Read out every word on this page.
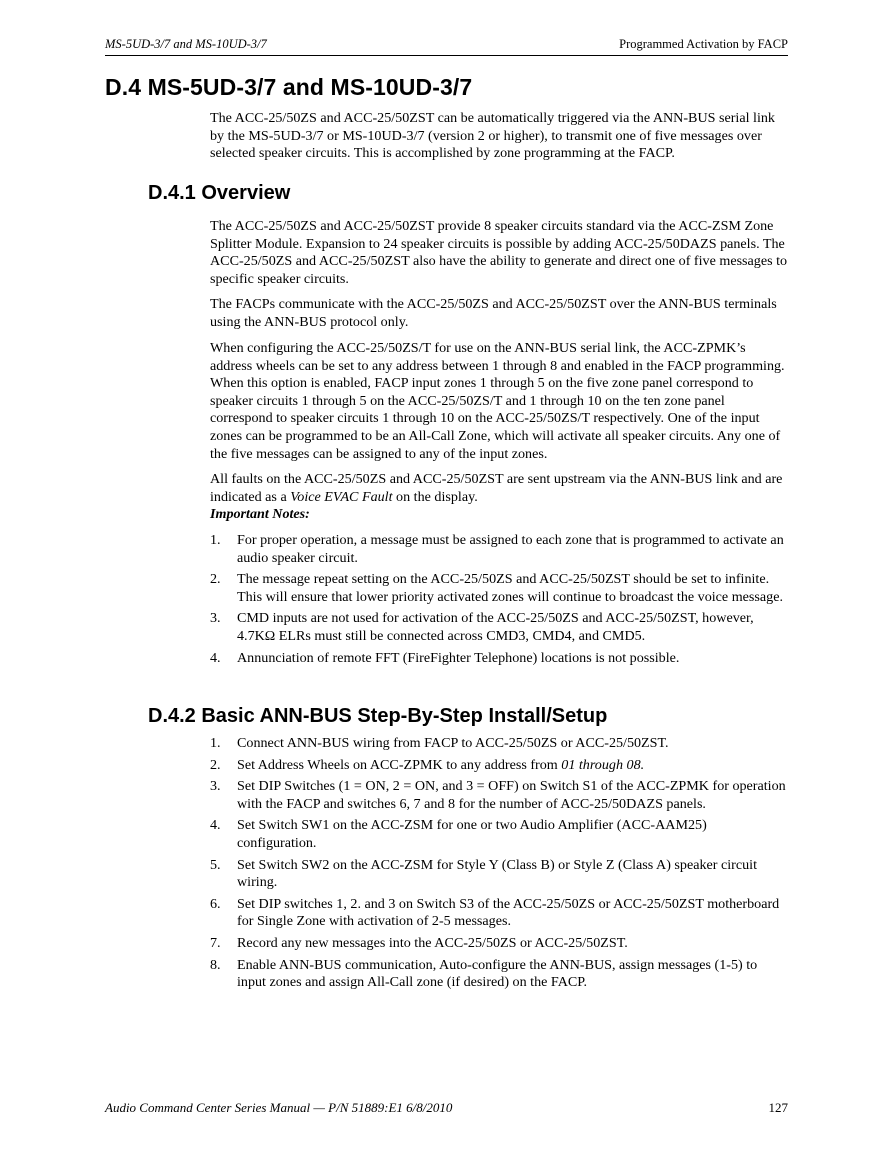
MS-5UD-3/7 and MS-10UD-3/7	Programmed Activation by FACP
D.4 MS-5UD-3/7 and MS-10UD-3/7

The ACC-25/50ZS and ACC-25/50ZST can be automatically triggered via the ANN-BUS serial link by the MS-5UD-3/7 or MS-10UD-3/7 (version 2 or higher), to transmit one of five messages over selected speaker circuits. This is accomplished by zone programming at the FACP.

D.4.1 Overview

The ACC-25/50ZS and ACC-25/50ZST provide 8 speaker circuits standard via the ACC-ZSM Zone Splitter Module. Expansion to 24 speaker circuits is possible by adding ACC-25/50DAZS panels. The ACC-25/50ZS and ACC-25/50ZST also have the ability to generate and direct one of five messages to specific speaker circuits.

The FACPs communicate with the ACC-25/50ZS and ACC-25/50ZST over the ANN-BUS terminals using the ANN-BUS protocol only.

When configuring the ACC-25/50ZS/T for use on the ANN-BUS serial link, the ACC-ZPMK’s address wheels can be set to any address between 1 through 8 and enabled in the FACP programming. When this option is enabled, FACP input zones 1 through 5 on the five zone panel correspond to speaker circuits 1 through 5 on the ACC-25/50ZS/T and 1 through 10 on the ten zone panel correspond to speaker circuits 1 through 10 on the ACC-25/50ZS/T respectively. One of the input zones can be programmed to be an All-Call Zone, which will activate all speaker circuits. Any one of the five messages can be assigned to any of the input zones.

All faults on the ACC-25/50ZS and ACC-25/50ZST are sent upstream via the ANN-BUS link and are indicated as a Voice EVAC Fault on the display.
Important Notes:

1. For proper operation, a message must be assigned to each zone that is programmed to activate an audio speaker circuit.
2. The message repeat setting on the ACC-25/50ZS and ACC-25/50ZST should be set to infinite. This will ensure that lower priority activated zones will continue to broadcast the voice message.
3. CMD inputs are not used for activation of the ACC-25/50ZS and ACC-25/50ZST, however, 4.7KΩ ELRs must still be connected across CMD3, CMD4, and CMD5.
4. Annunciation of remote FFT (FireFighter Telephone) locations is not possible.
D.4.2 Basic ANN-BUS Step-By-Step Install/Setup
1. Connect ANN-BUS wiring from FACP to ACC-25/50ZS or ACC-25/50ZST.
2. Set Address Wheels on ACC-ZPMK to any address from 01 through 08.
3. Set DIP Switches (1 = ON, 2 = ON, and 3 = OFF) on Switch S1 of the ACC-ZPMK for operation with the FACP and switches 6, 7 and 8 for the number of ACC-25/50DAZS panels.
4. Set Switch SW1 on the ACC-ZSM for one or two Audio Amplifier (ACC-AAM25) configuration.
5. Set Switch SW2 on the ACC-ZSM for Style Y (Class B) or Style Z (Class A) speaker circuit wiring.
6. Set DIP switches 1, 2. and 3 on Switch S3 of the ACC-25/50ZS or ACC-25/50ZST motherboard for Single Zone with activation of 2-5 messages.
7. Record any new messages into the ACC-25/50ZS or ACC-25/50ZST.
8. Enable ANN-BUS communication, Auto-configure the ANN-BUS, assign messages (1-5) to input zones and assign All-Call zone (if desired) on the FACP.
Audio Command Center Series Manual — P/N 51889:E1 6/8/2010	127
